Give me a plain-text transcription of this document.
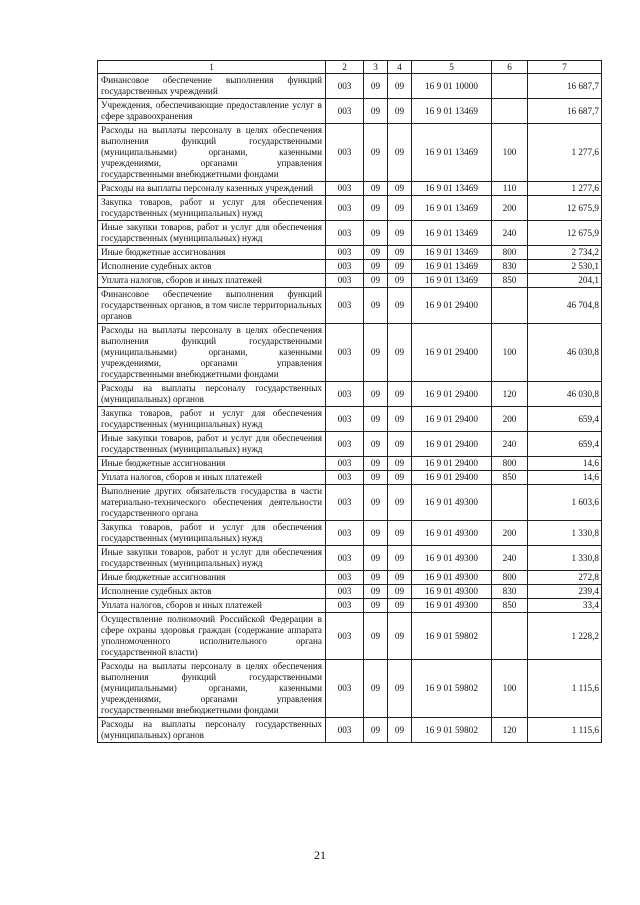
1	2	3	4	5	6	7
Финансовое обеспечение выполнения функций государственных учреждений	003	09	09	16 9 01 10000		16 687,7
Учреждения, обеспечивающие предоставление услуг в сфере здравоохранения	003	09	09	16 9 01 13469		16 687,7
Расходы на выплаты персоналу в целях обеспечения выполнения функций государственными (муниципальными) органами, казенными учреждениями, органами управления государственными внебюджетными фондами	003	09	09	16 9 01 13469	100	1 277,6
Расходы на выплаты персоналу казенных учреждений	003	09	09	16 9 01 13469	110	1 277,6
Закупка товаров, работ и услуг для обеспечения государственных (муниципальных) нужд	003	09	09	16 9 01 13469	200	12 675,9
Иные закупки товаров, работ и услуг для обеспечения государственных (муниципальных) нужд	003	09	09	16 9 01 13469	240	12 675,9
Иные бюджетные ассигнования	003	09	09	16 9 01 13469	800	2 734,2
Исполнение судебных актов	003	09	09	16 9 01 13469	830	2 530,1
Уплата налогов, сборов и иных платежей	003	09	09	16 9 01 13469	850	204,1
Финансовое обеспечение выполнения функций государственных органов, в том числе территориальных органов	003	09	09	16 9 01 29400		46 704,8
Расходы на выплаты персоналу в целях обеспечения выполнения функций государственными (муниципальными) органами, казенными учреждениями, органами управления государственными внебюджетными фондами	003	09	09	16 9 01 29400	100	46 030,8
Расходы на выплаты персоналу государственных (муниципальных) органов	003	09	09	16 9 01 29400	120	46 030,8
Закупка товаров, работ и услуг для обеспечения государственных (муниципальных) нужд	003	09	09	16 9 01 29400	200	659,4
Иные закупки товаров, работ и услуг для обеспечения государственных (муниципальных) нужд	003	09	09	16 9 01 29400	240	659,4
Иные бюджетные ассигнования	003	09	09	16 9 01 29400	800	14,6
Уплата налогов, сборов и иных платежей	003	09	09	16 9 01 29400	850	14,6
Выполнение других обязательств государства в части материально-технического обеспечения деятельности государственного органа	003	09	09	16 9 01 49300		1 603,6
Закупка товаров, работ и услуг для обеспечения государственных (муниципальных) нужд	003	09	09	16 9 01 49300	200	1 330,8
Иные закупки товаров, работ и услуг для обеспечения государственных (муниципальных) нужд	003	09	09	16 9 01 49300	240	1 330,8
Иные бюджетные ассигнования	003	09	09	16 9 01 49300	800	272,8
Исполнение судебных актов	003	09	09	16 9 01 49300	830	239,4
Уплата налогов, сборов и иных платежей	003	09	09	16 9 01 49300	850	33,4
Осуществление полномочий Российской Федерации в сфере охраны здоровья граждан (содержание аппарата уполномоченного исполнительного органа государственной власти)	003	09	09	16 9 01 59802		1 228,2
Расходы на выплаты персоналу в целях обеспечения выполнения функций государственными (муниципальными) органами, казенными учреждениями, органами управления государственными внебюджетными фондами	003	09	09	16 9 01 59802	100	1 115,6
Расходы на выплаты персоналу государственных (муниципальных) органов	003	09	09	16 9 01 59802	120	1 115,6
21
